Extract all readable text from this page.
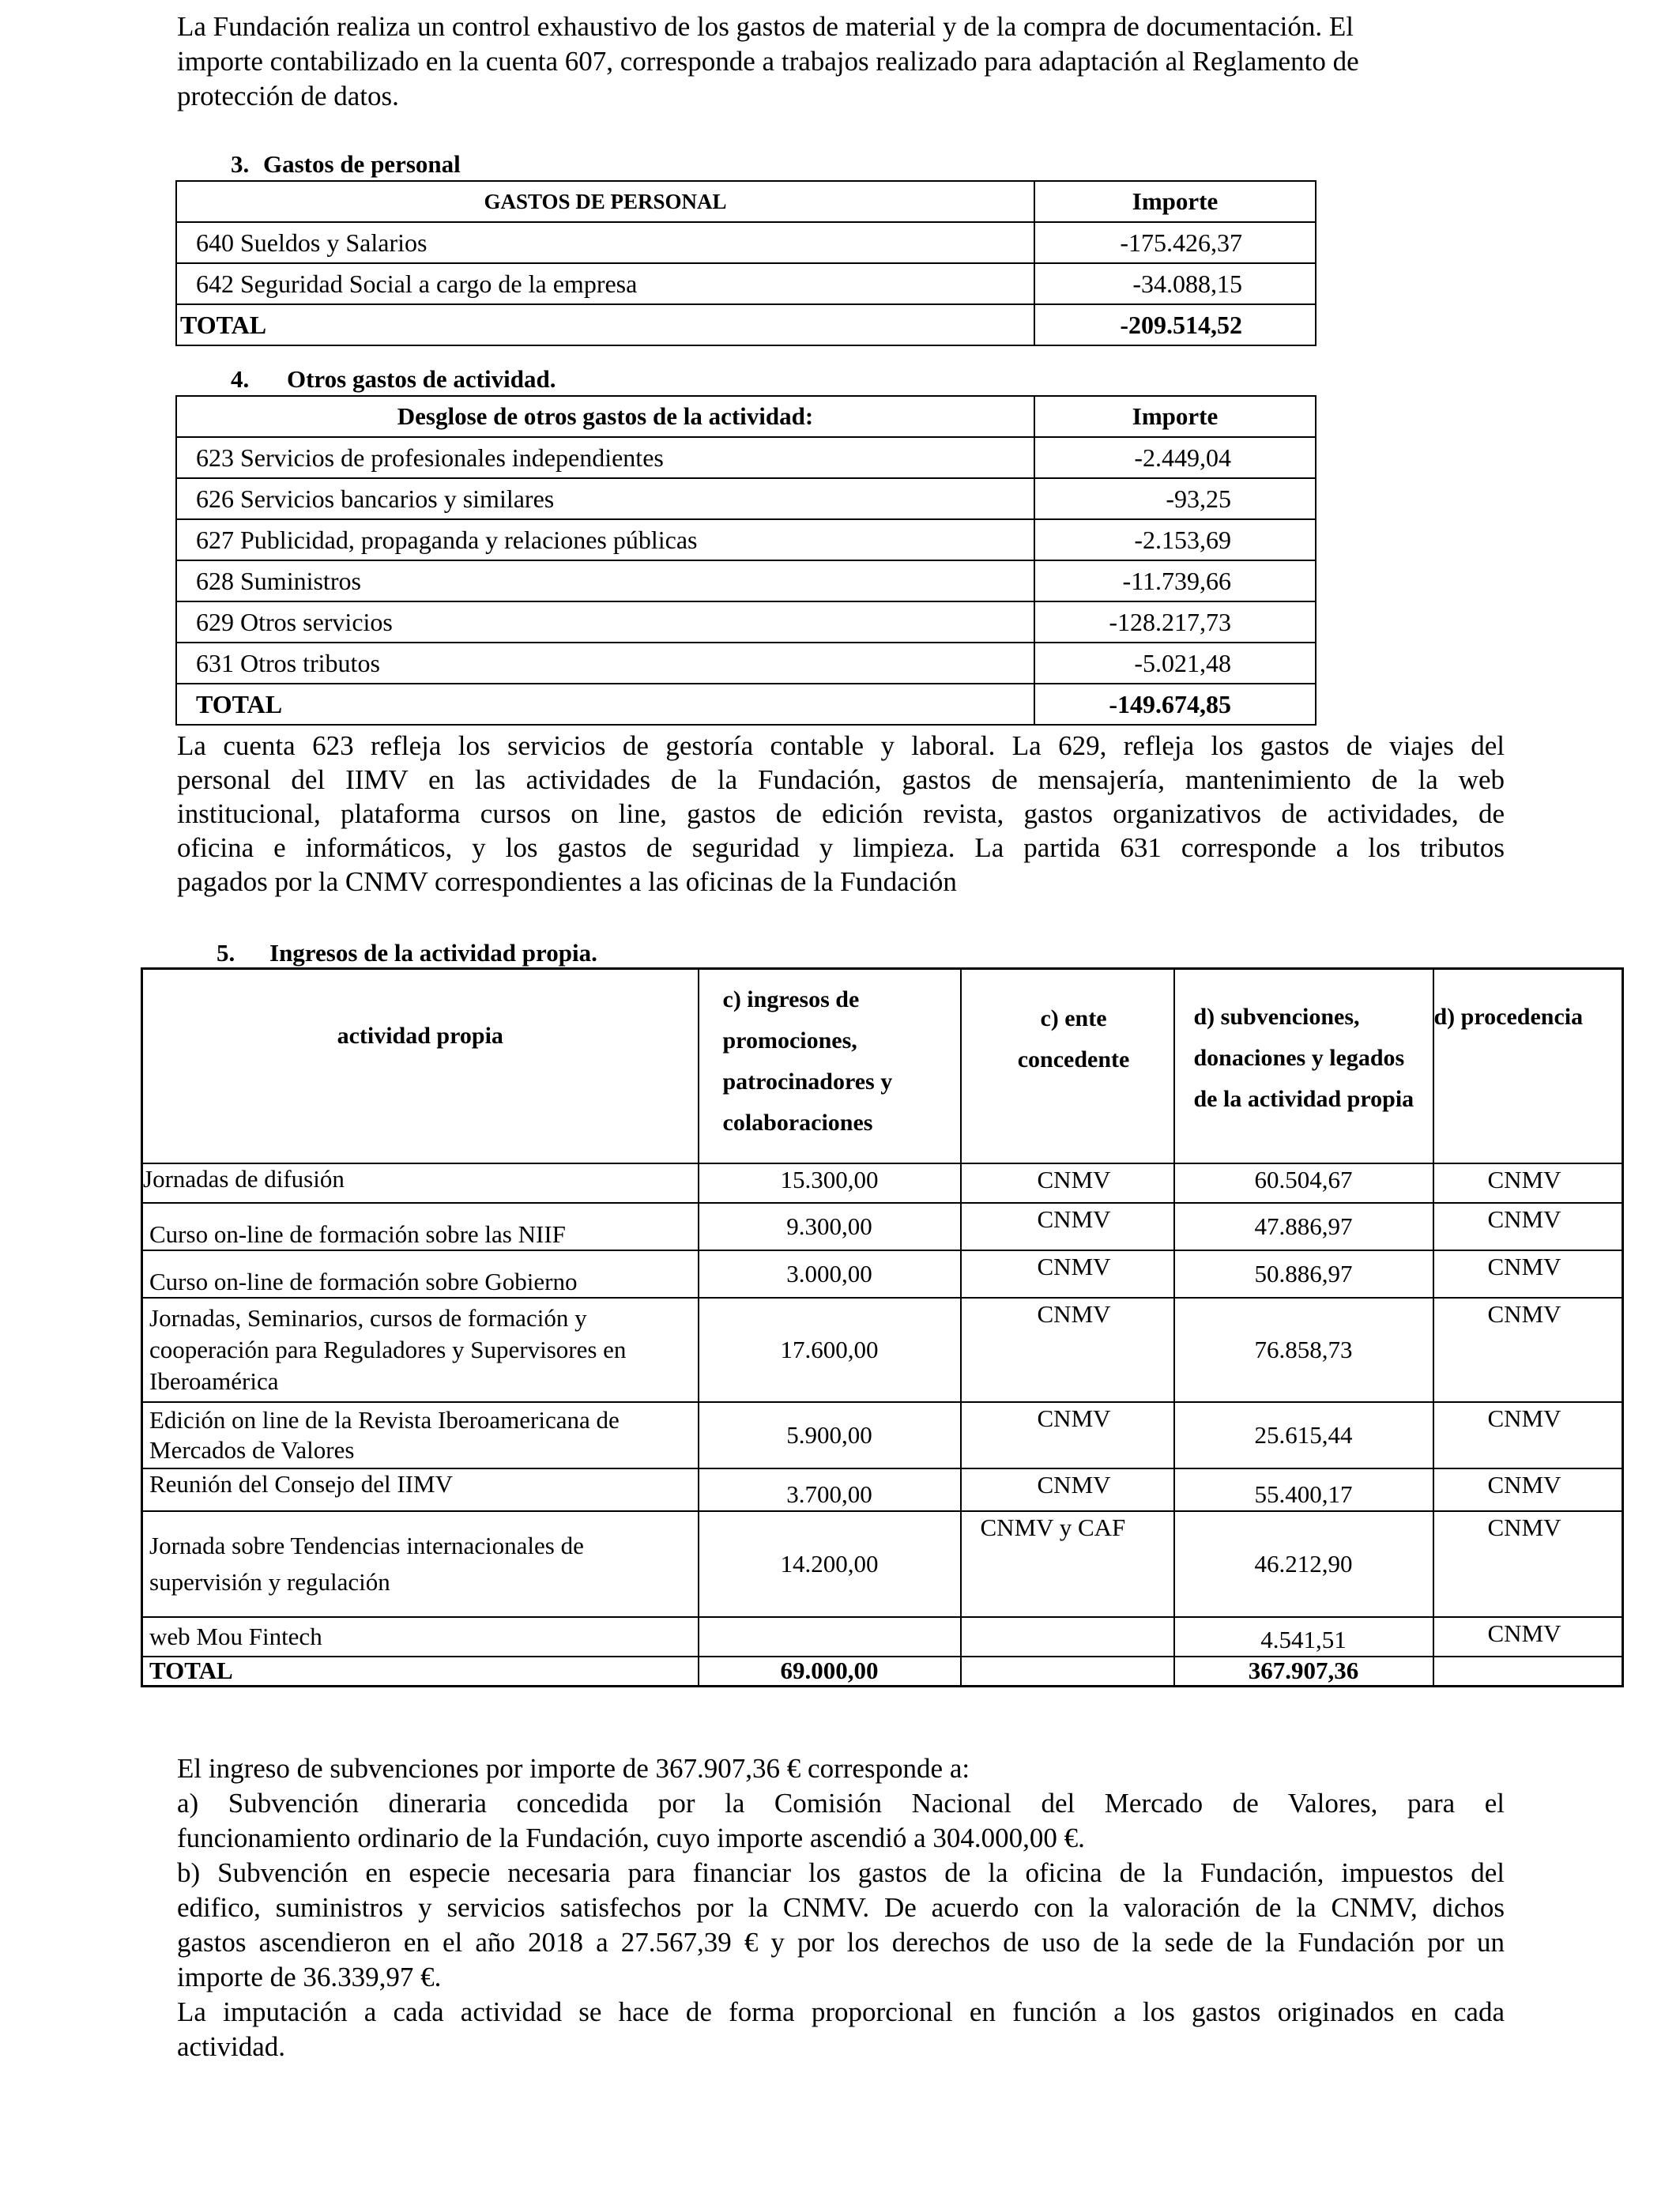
La Fundación realiza un control exhaustivo de los gastos de material y de la compra de documentación. El
importe contabilizado en la cuenta 607, corresponde a trabajos realizado para adaptación al Reglamento de
protección de datos.
3. Gastos de personal
GASTOS DE PERSONAL	Importe
640 Sueldos y Salarios	-175.426,37
642 Seguridad Social a cargo de la empresa	-34.088,15
TOTAL	-209.514,52
4. Otros gastos de actividad.
Desglose de otros gastos de la actividad:	Importe
623 Servicios de profesionales independientes	-2.449,04
626 Servicios bancarios y similares	-93,25
627 Publicidad, propaganda y relaciones públicas	-2.153,69
628 Suministros	-11.739,66
629 Otros servicios	-128.217,73
631 Otros tributos	-5.021,48
TOTAL	-149.674,85
La cuenta 623 refleja los servicios de gestoría contable y laboral. La 629, refleja los gastos de viajes del
personal del IIMV en las actividades de la Fundación, gastos de mensajería, mantenimiento de la web
institucional, plataforma cursos on line, gastos de edición revista, gastos organizativos de actividades, de
oficina e informáticos, y los gastos de seguridad y limpieza. La partida 631 corresponde a los tributos
pagados por la CNMV correspondientes a las oficinas de la Fundación
5. Ingresos de la actividad propia.
actividad propia	c) ingresos de promociones, patrocinadores y colaboraciones	c) ente concedente	d) subvenciones, donaciones y legados de la actividad propia	d) procedencia
Jornadas de difusión	15.300,00	CNMV	60.504,67	CNMV
Curso on-line de formación sobre las NIIF	9.300,00	CNMV	47.886,97	CNMV
Curso on-line de formación sobre Gobierno	3.000,00	CNMV	50.886,97	CNMV
Jornadas, Seminarios, cursos de formación y cooperación para Reguladores y Supervisores en Iberoamérica	17.600,00	CNMV	76.858,73	CNMV
Edición on line de la Revista Iberoamericana de Mercados de Valores	5.900,00	CNMV	25.615,44	CNMV
Reunión del Consejo del IIMV	3.700,00	CNMV	55.400,17	CNMV
Jornada sobre Tendencias internacionales de supervisión y regulación	14.200,00	CNMV y CAF	46.212,90	CNMV
web Mou Fintech			4.541,51	CNMV
TOTAL	69.000,00		367.907,36	
El ingreso de subvenciones por importe de 367.907,36 € corresponde a:
a) Subvención dineraria concedida por la Comisión Nacional del Mercado de Valores, para el
funcionamiento ordinario de la Fundación, cuyo importe ascendió a 304.000,00 €.
b) Subvención en especie necesaria para financiar los gastos de la oficina de la Fundación, impuestos del
edifico, suministros y servicios satisfechos por la CNMV. De acuerdo con la valoración de la CNMV, dichos
gastos ascendieron en el año 2018 a 27.567,39 € y por los derechos de uso de la sede de la Fundación por un
importe de 36.339,97 €.
La imputación a cada actividad se hace de forma proporcional en función a los gastos originados en cada
actividad.
